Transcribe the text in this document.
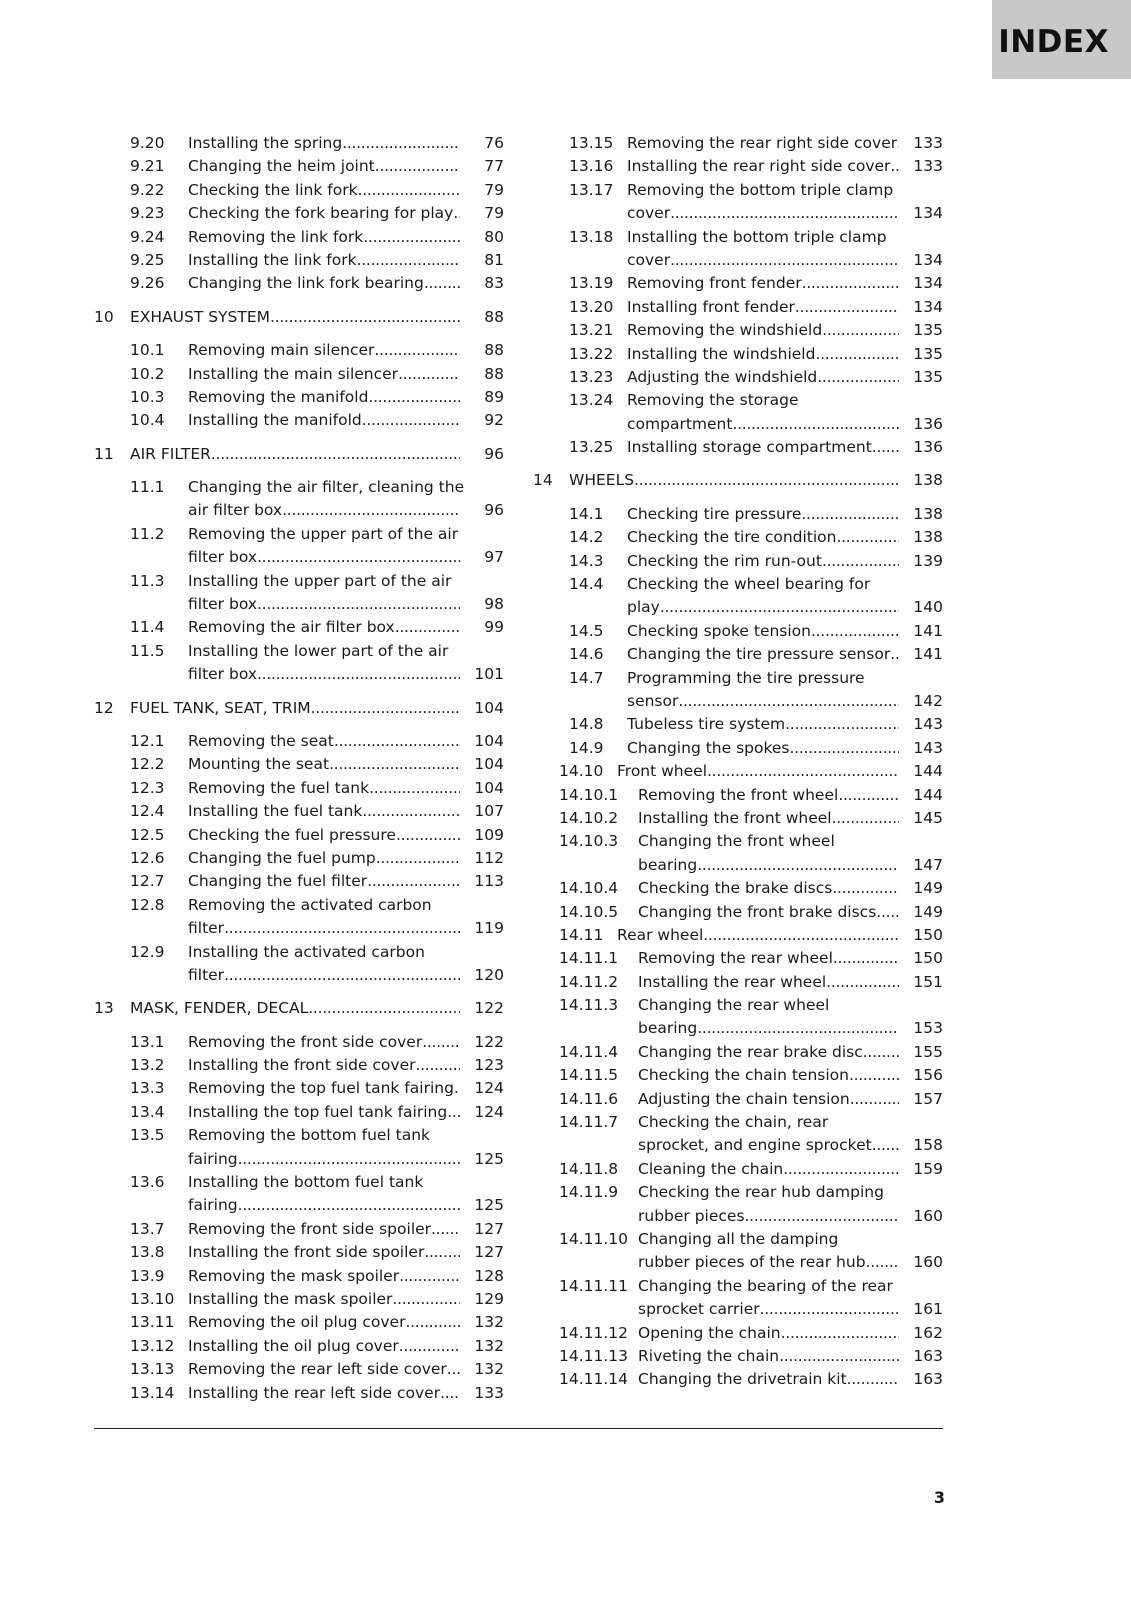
INDEX
9.20 Installing the spring . . .	76
9.21 Changing the heim joint . . .	77
9.22 Checking the link fork . . .	79
9.23 Checking the fork bearing for play . . . 79
9.24 Removing the link fork . . .	80
9.25 Installing the link fork . . .	81
9.26 Changing the link fork bearing . . .	83
10 EXHAUST SYSTEM . . .	88
10.1 Removing main silencer . . .	88
10.2 Installing the main silencer . . .	88
10.3 Removing the manifold . . .	89
10.4 Installing the manifold . . .	92
11 AIR FILTER . . .	96
11.1 Changing the air filter, cleaning the
air filter box . . .	96
11.2 Removing the upper part of the air
filter box . . .	97
11.3 Installing the upper part of the air
filter box . . .	98
11.4 Removing the air filter box . . .	99
11.5 Installing the lower part of the air
filter box . . .	101
12 FUEL TANK, SEAT, TRIM . . .	104
12.1 Removing the seat . . .	104
12.2 Mounting the seat . . .	104
12.3 Removing the fuel tank . . .	104
12.4 Installing the fuel tank . . .	107
12.5 Checking the fuel pressure . . .	109
12.6 Changing the fuel pump . . .	112
12.7 Changing the fuel filter . . .	113
12.8 Removing the activated carbon
filter . . .	119
12.9 Installing the activated carbon
filter . . .	120
13 MASK, FENDER, DECAL . . .	122
13.1 Removing the front side cover . . .	122
13.2 Installing the front side cover . . .	123
13.3 Removing the top fuel tank fairing . . . 124
13.4 Installing the top fuel tank fairing . . . 124
13.5 Removing the bottom fuel tank
fairing . . .	125
13.6 Installing the bottom fuel tank
fairing . . .	125
13.7 Removing the front side spoiler . . .	127
13.8 Installing the front side spoiler . . .	127
13.9 Removing the mask spoiler . . .	128
13.10 Installing the mask spoiler . . .	129
13.11 Removing the oil plug cover . . .	132
13.12 Installing the oil plug cover . . .	132
13.13 Removing the rear left side cover . . . 132
13.14 Installing the rear left side cover . . . 133
13.15 Removing the rear right side cover . . . 133
13.16 Installing the rear right side cover . . . 133
13.17 Removing the bottom triple clamp
cover . . .	134
13.18 Installing the bottom triple clamp
cover . . .	134
13.19 Removing front fender . . .	134
13.20 Installing front fender . . .	134
13.21 Removing the windshield . . .	135
13.22 Installing the windshield . . .	135
13.23 Adjusting the windshield . . .	135
13.24 Removing the storage
compartment . . .	136
13.25 Installing storage compartment . . .	136
14 WHEELS . . .	138
14.1 Checking tire pressure . . .	138
14.2 Checking the tire condition . . .	138
14.3 Checking the rim run-out . . .	139
14.4 Checking the wheel bearing for
play . . .	140
14.5 Checking spoke tension . . .	141
14.6 Changing the tire pressure sensor . . . 141
14.7 Programming the tire pressure
sensor . . .	142
14.8 Tubeless tire system . . .	143
14.9 Changing the spokes . . .	143
14.10 Front wheel . . .	144
14.10.1 Removing the front wheel . . .	144
14.10.2 Installing the front wheel . . .	145
14.10.3 Changing the front wheel
bearing . . .	147
14.10.4 Checking the brake discs . . .	149
14.10.5 Changing the front brake discs . . . 149
14.11 Rear wheel . . .	150
14.11.1 Removing the rear wheel . . .	150
14.11.2 Installing the rear wheel . . .	151
14.11.3 Changing the rear wheel
bearing . . .	153
14.11.4 Changing the rear brake disc . . .	155
14.11.5 Checking the chain tension . . .	156
14.11.6 Adjusting the chain tension . . .	157
14.11.7 Checking the chain, rear
sprocket, and engine sprocket . . .	158
14.11.8 Cleaning the chain . . .	159
14.11.9 Checking the rear hub damping
rubber pieces . . .	160
14.11.10 Changing all the damping
rubber pieces of the rear hub . . .	160
14.11.11 Changing the bearing of the rear
sprocket carrier . . .	161
14.11.12 Opening the chain . . .	162
14.11.13 Riveting the chain . . .	163
14.11.14 Changing the drivetrain kit . . .	163
3
